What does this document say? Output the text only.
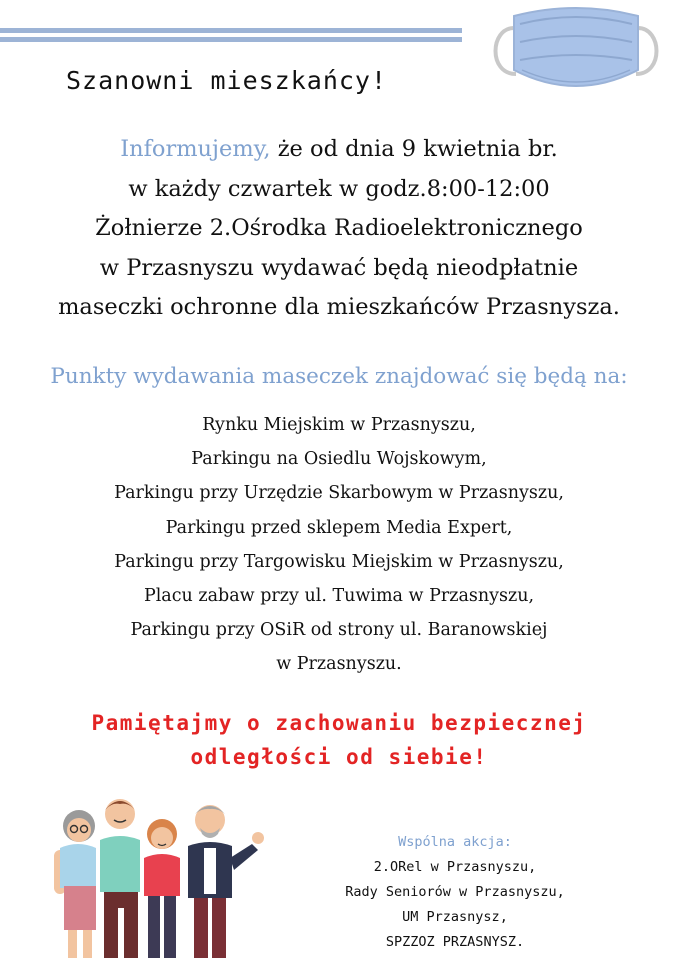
Szanowni mieszkańcy!
Informujemy, że od dnia 9 kwietnia br.
w każdy czwartek w godz.8:00-12:00
Żołnierze 2.Ośrodka Radioelektronicznego
w Przasnyszu wydawać będą nieodpłatnie
maseczki ochronne dla mieszkańców Przasnysza.
Punkty wydawania maseczek znajdować się będą na:
Rynku Miejskim w Przasnyszu,
Parkingu na Osiedlu Wojskowym,
Parkingu przy Urzędzie Skarbowym w Przasnyszu,
Parkingu przed sklepem Media Expert,
Parkingu przy Targowisku Miejskim w Przasnyszu,
Placu zabaw przy ul. Tuwima w Przasnyszu,
Parkingu przy OSiR od strony ul. Baranowskiej
w Przasnyszu.
Pamiętajmy o zachowaniu bezpiecznej
odległości od siebie!
Wspólna akcja:
2.ORel w Przasnyszu,
Rady Seniorów w Przasnyszu,
UM Przasnysz,
SPZZOZ PRZASNYSZ.
